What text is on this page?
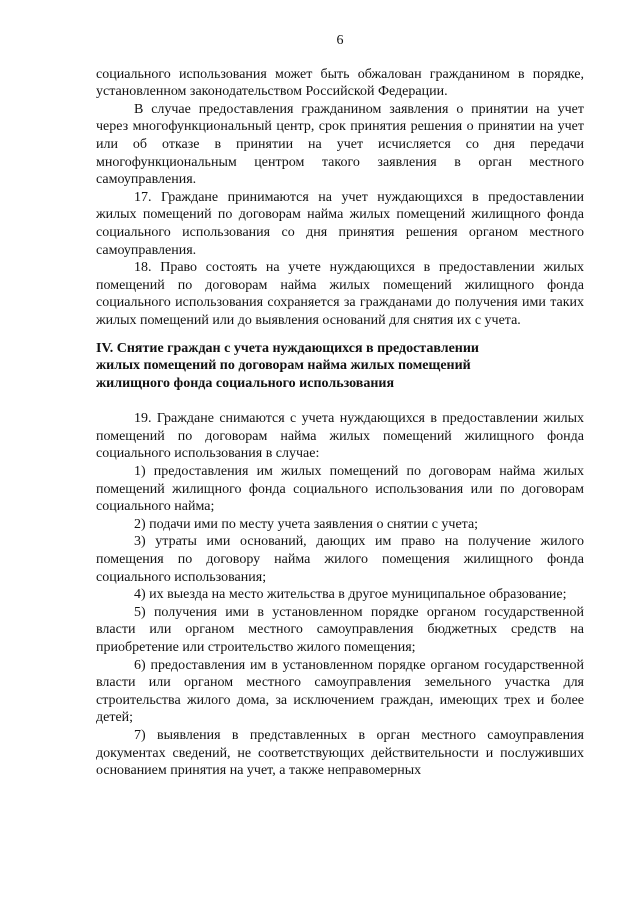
6

социального использования может быть обжалован гражданином в порядке, установленном законодательством Российской Федерации.

В случае предоставления гражданином заявления о принятии на учет через многофункциональный центр, срок принятия решения о принятии на учет или об отказе в принятии на учет исчисляется со дня передачи многофункциональным центром такого заявления в орган местного самоуправления.

17. Граждане принимаются на учет нуждающихся в предоставлении жилых помещений по договорам найма жилых помещений жилищного фонда социального использования со дня принятия решения органом местного самоуправления.

18. Право состоять на учете нуждающихся в предоставлении жилых помещений по договорам найма жилых помещений жилищного фонда социального использования сохраняется за гражданами до получения ими таких жилых помещений или до выявления оснований для снятия их с учета.

IV. Снятие граждан с учета нуждающихся в предоставлении

жилых помещений по договорам найма жилых помещений

жилищного фонда социального использования

19. Граждане снимаются с учета нуждающихся в предоставлении жилых помещений по договорам найма жилых помещений жилищного фонда социального использования в случае:

1) предоставления им жилых помещений по договорам найма жилых помещений жилищного фонда социального использования или по договорам социального найма;

2) подачи ими по месту учета заявления о снятии с учета;

3) утраты ими оснований, дающих им право на получение жилого помещения по договору найма жилого помещения жилищного фонда социального использования;

4) их выезда на место жительства в другое муниципальное образование;

5) получения ими в установленном порядке органом государственной власти или органом местного самоуправления бюджетных средств на приобретение или строительство жилого помещения;

6) предоставления им в установленном порядке органом государственной власти или органом местного самоуправления земельного участка для строительства жилого дома, за исключением граждан, имеющих трех и более детей;

7) выявления в представленных в орган местного самоуправления документах сведений, не соответствующих действительности и послуживших основанием принятия на учет, а также неправомерных
